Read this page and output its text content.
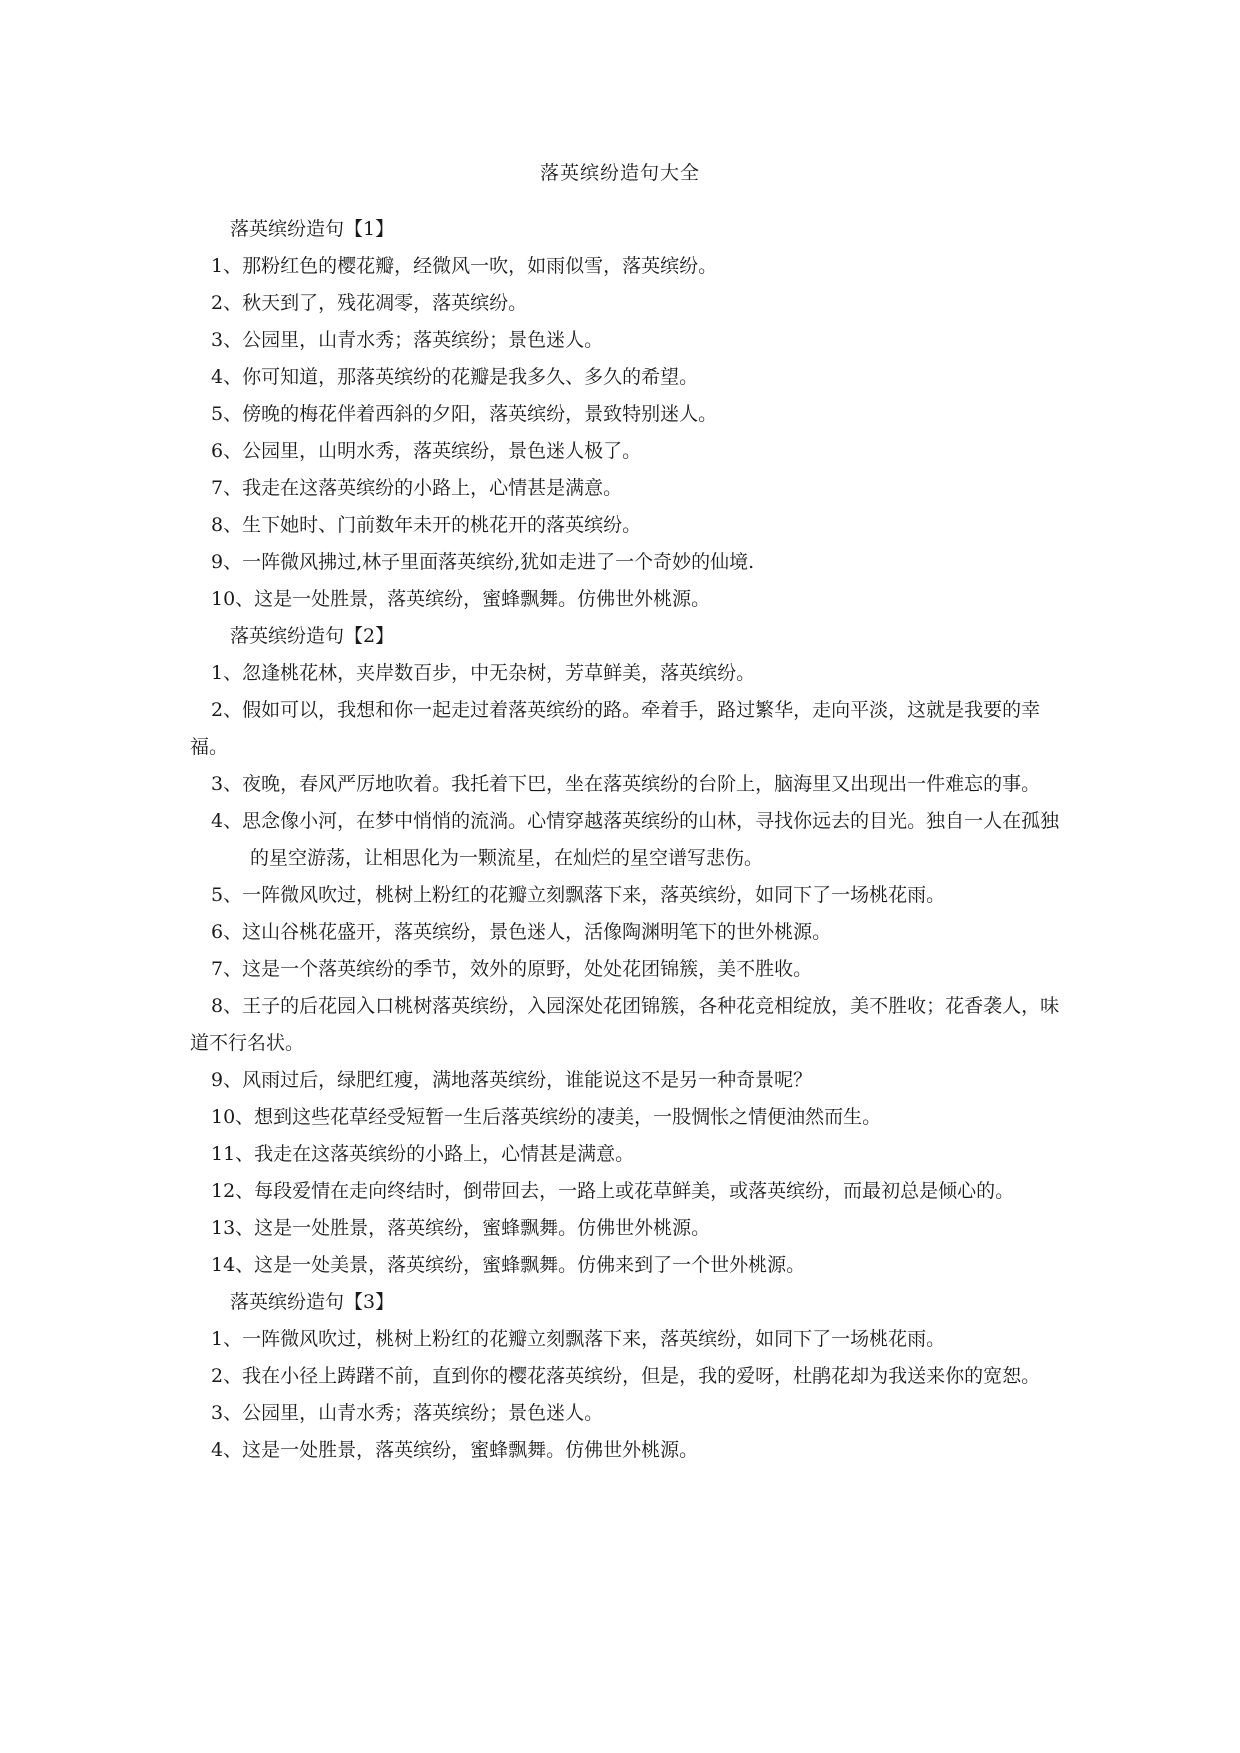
落英缤纷造句大全

落英缤纷造句【1】

1、那粉红色的樱花瓣，经微风一吹，如雨似雪，落英缤纷。

2、秋天到了，残花凋零，落英缤纷。

3、公园里，山青水秀；落英缤纷；景色迷人。

4、你可知道，那落英缤纷的花瓣是我多久、多久的希望。

5、傍晚的梅花伴着西斜的夕阳，落英缤纷，景致特别迷人。

6、公园里，山明水秀，落英缤纷，景色迷人极了。

7、我走在这落英缤纷的小路上，心情甚是满意。

8、生下她时、门前数年未开的桃花开的落英缤纷。

9、一阵微风拂过,林子里面落英缤纷,犹如走进了一个奇妙的仙境.

10、这是一处胜景，落英缤纷，蜜蜂飘舞。仿佛世外桃源。

落英缤纷造句【2】

1、忽逢桃花林，夹岸数百步，中无杂树，芳草鲜美，落英缤纷。

2、假如可以，我想和你一起走过着落英缤纷的路。牵着手，路过繁华，走向平淡，这就是我要的幸福。

3、夜晚，春风严厉地吹着。我托着下巴，坐在落英缤纷的台阶上，脑海里又出现出一件难忘的事。

4、思念像小河，在梦中悄悄的流淌。心情穿越落英缤纷的山林，寻找你远去的目光。独自一人在孤独的星空游荡，让相思化为一颗流星，在灿烂的星空谱写悲伤。

5、一阵微风吹过，桃树上粉红的花瓣立刻飘落下来，落英缤纷，如同下了一场桃花雨。

6、这山谷桃花盛开，落英缤纷，景色迷人，活像陶渊明笔下的世外桃源。

7、这是一个落英缤纷的季节，效外的原野，处处花团锦簇，美不胜收。

8、王子的后花园入口桃树落英缤纷，入园深处花团锦簇，各种花竞相绽放，美不胜收；花香袭人，味道不行名状。

9、风雨过后，绿肥红瘦，满地落英缤纷，谁能说这不是另一种奇景呢？

10、想到这些花草经受短暂一生后落英缤纷的凄美，一股惆怅之情便油然而生。

11、我走在这落英缤纷的小路上，心情甚是满意。

12、每段爱情在走向终结时，倒带回去，一路上或花草鲜美，或落英缤纷，而最初总是倾心的。

13、这是一处胜景，落英缤纷，蜜蜂飘舞。仿佛世外桃源。

14、这是一处美景，落英缤纷，蜜蜂飘舞。仿佛来到了一个世外桃源。

落英缤纷造句【3】

1、一阵微风吹过，桃树上粉红的花瓣立刻飘落下来，落英缤纷，如同下了一场桃花雨。

2、我在小径上踌躇不前，直到你的樱花落英缤纷，但是，我的爱呀，杜鹃花却为我送来你的宽恕。

3、公园里，山青水秀；落英缤纷；景色迷人。

4、这是一处胜景，落英缤纷，蜜蜂飘舞。仿佛世外桃源。
